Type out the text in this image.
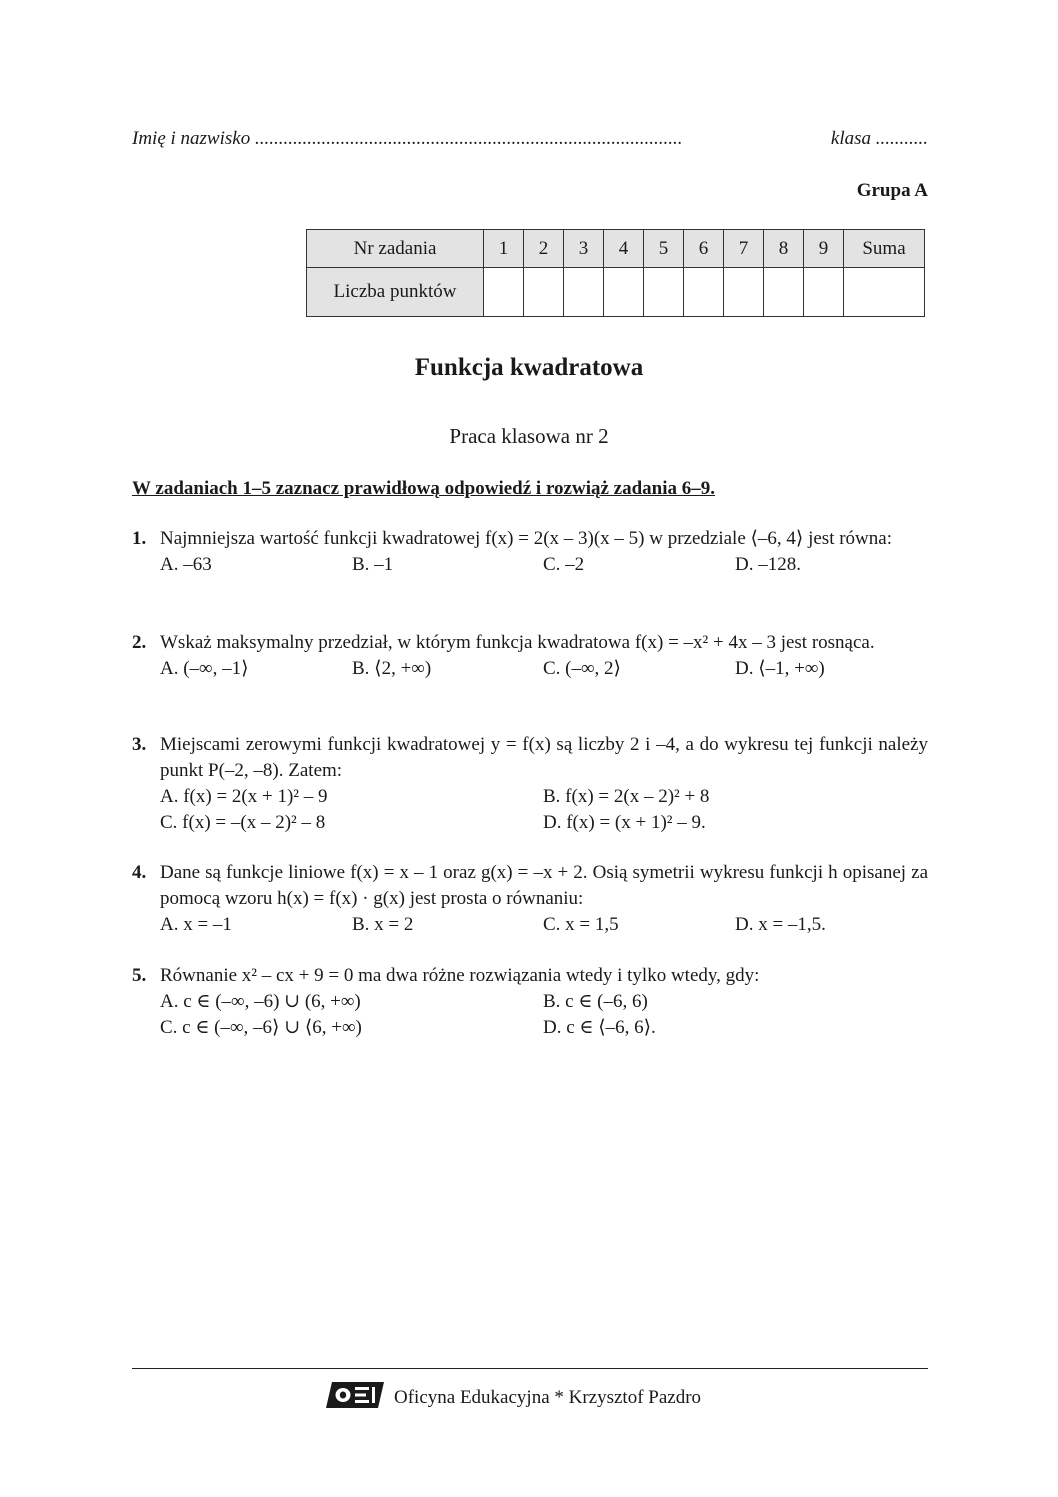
Imię i nazwisko ..........................................................................................	klasa ...........
Grupa A
Nr zadania	1	2	3	4	5	6	7	8	9	Suma
Liczba punktów										
Funkcja kwadratowa
Praca klasowa nr 2
W zadaniach 1–5 zaznacz prawidłową odpowiedź i rozwiąż zadania 6–9.
1. Najmniejsza wartość funkcji kwadratowej f(x) = 2(x – 3)(x – 5) w przedziale ⟨–6, 4⟩ jest równa:
A. –63	B. –1	C. –2	D. –128.
2. Wskaż maksymalny przedział, w którym funkcja kwadratowa f(x) = –x² + 4x – 3 jest rosnąca.
A. (–∞, –1⟩	B. ⟨2, +∞)	C. (–∞, 2⟩	D. ⟨–1, +∞)
3. Miejscami zerowymi funkcji kwadratowej y = f(x) są liczby 2 i –4, a do wykresu tej funkcji należy punkt P(–2, –8). Zatem:
A. f(x) = 2(x + 1)² – 9	B. f(x) = 2(x – 2)² + 8
C. f(x) = –(x – 2)² – 8	D. f(x) = (x + 1)² – 9.
4. Dane są funkcje liniowe f(x) = x – 1 oraz g(x) = –x + 2. Osią symetrii wykresu funkcji h opisanej za pomocą wzoru h(x) = f(x) · g(x) jest prosta o równaniu:
A. x = –1	B. x = 2	C. x = 1,5	D. x = –1,5.
5. Równanie x² – cx + 9 = 0 ma dwa różne rozwiązania wtedy i tylko wtedy, gdy:
A. c ∈ (–∞, –6) ∪ (6, +∞)	B. c ∈ (–6, 6)
C. c ∈ (–∞, –6⟩ ∪ ⟨6, +∞)	D. c ∈ ⟨–6, 6⟩.
Oficyna Edukacyjna * Krzysztof Pazdro
